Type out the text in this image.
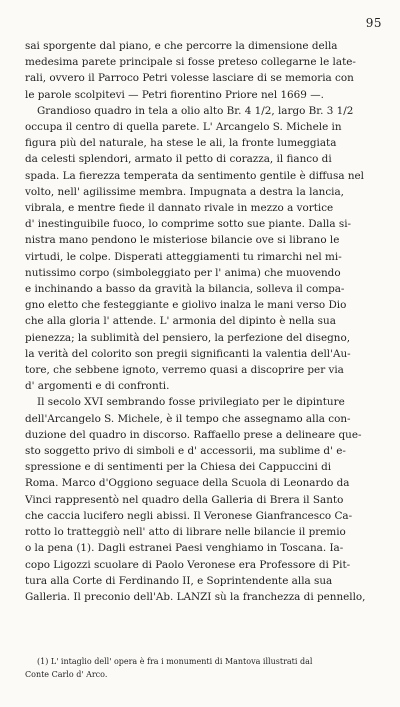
95
sai sporgente dal piano, e che percorre la dimensione della
medesima parete principale si fosse preteso collegarne le late-
rali, ovvero il Parroco Petri volesse lasciare di se memoria con
le parole scolpitevi — Petri fiorentino Priore nel 1669 —.
Grandioso quadro in tela a olio alto Br. 4 1/2, largo Br. 3 1/2
occupa il centro di quella parete. L' Arcangelo S. Michele in
figura più del naturale, ha stese le ali, la fronte lumeggiata
da celesti splendori, armato il petto di corazza, il fianco di
spada. La fierezza temperata da sentimento gentile è diffusa nel
volto, nell' agilissime membra. Impugnata a destra la lancia,
vibrala, e mentre fiede il dannato rivale in mezzo a vortice
d' inestinguibile fuoco, lo comprime sotto sue piante. Dalla si-
nistra mano pendono le misteriose bilancie ove si librano le
virtudi, le colpe. Disperati atteggiamenti tu rimarchi nel mi-
nutissimo corpo (simboleggiato per l' anima) che muovendo
e inchinando a basso da gravità la bilancia, solleva il compa-
gno eletto che festeggiante e giolivo inalza le mani verso Dio
che alla gloria l' attende. L' armonia del dipinto è nella sua
pienezza; la sublimità del pensiero, la perfezione del disegno,
la verità del colorito son pregii significanti la valentia dell'Au-
tore, che sebbene ignoto, verremo quasi a discoprire per via
d' argomenti e di confronti.
Il secolo XVI sembrando fosse privilegiato per le dipinture
dell'Arcangelo S. Michele, è il tempo che assegnamo alla con-
duzione del quadro in discorso. Raffaello prese a delineare que-
sto soggetto privo di simboli e d' accessorii, ma sublime d' e-
spressione e di sentimenti per la Chiesa dei Cappuccini di
Roma. Marco d'Oggiono seguace della Scuola di Leonardo da
Vinci rappresentò nel quadro della Galleria di Brera il Santo
che caccia lucifero negli abissi. Il Veronese Gianfrancesco Ca-
rotto lo tratteggiò nell' atto di librare nelle bilancie il premio
o la pena (1). Dagli estranei Paesi venghiamo in Toscana. Ia-
copo Ligozzi scuolare di Paolo Veronese era Professore di Pit-
tura alla Corte di Ferdinando II, e Soprintendente alla sua
Galleria. Il preconio dell'Ab. LANZI sù la franchezza di pennello,
(1) L' intaglio dell' opera è fra i monumenti di Mantova illustrati dal
Conte Carlo d' Arco.
